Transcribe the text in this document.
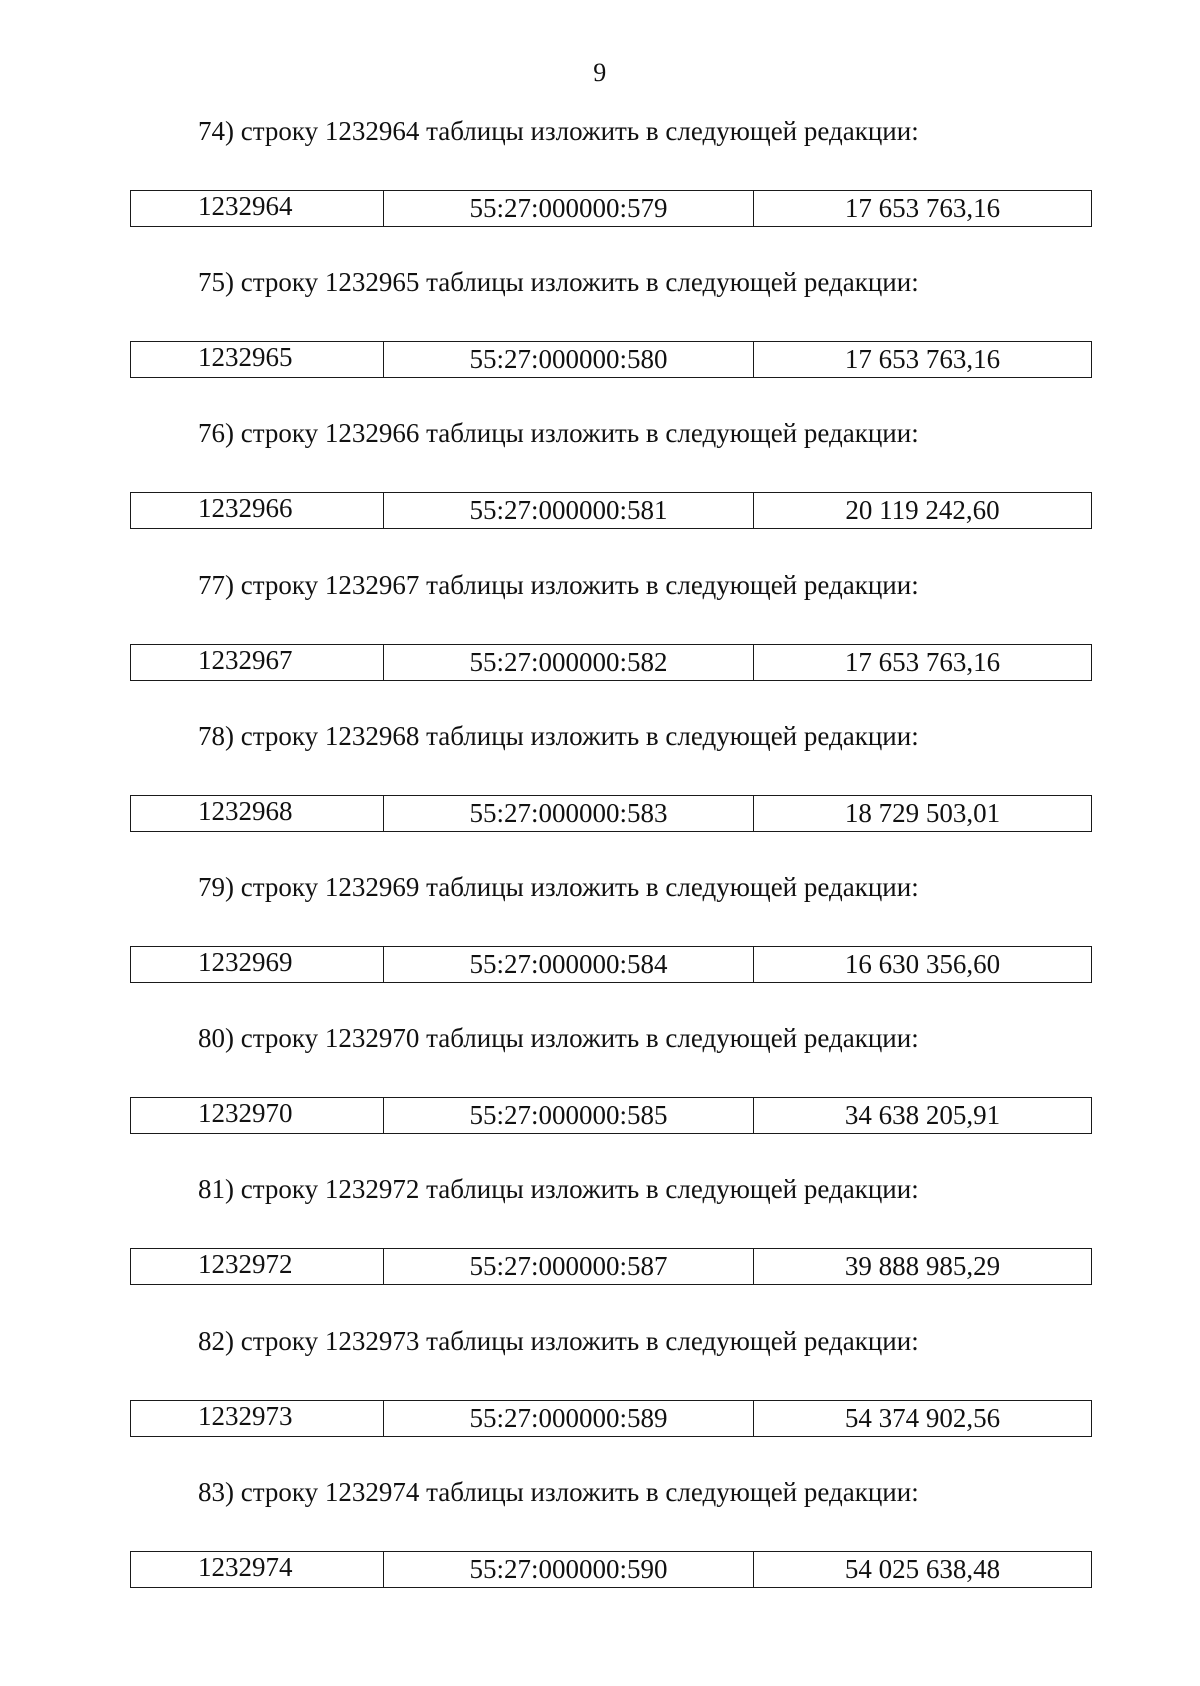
9
74) строку 1232964 таблицы изложить в следующей редакции:
1232964	55:27:000000:579	17 653 763,16
75) строку 1232965 таблицы изложить в следующей редакции:
1232965	55:27:000000:580	17 653 763,16
76) строку 1232966 таблицы изложить в следующей редакции:
1232966	55:27:000000:581	20 119 242,60
77) строку 1232967 таблицы изложить в следующей редакции:
1232967	55:27:000000:582	17 653 763,16
78) строку 1232968 таблицы изложить в следующей редакции:
1232968	55:27:000000:583	18 729 503,01
79) строку 1232969 таблицы изложить в следующей редакции:
1232969	55:27:000000:584	16 630 356,60
80) строку 1232970 таблицы изложить в следующей редакции:
1232970	55:27:000000:585	34 638 205,91
81) строку 1232972 таблицы изложить в следующей редакции:
1232972	55:27:000000:587	39 888 985,29
82) строку 1232973 таблицы изложить в следующей редакции:
1232973	55:27:000000:589	54 374 902,56
83) строку 1232974 таблицы изложить в следующей редакции:
1232974	55:27:000000:590	54 025 638,48
